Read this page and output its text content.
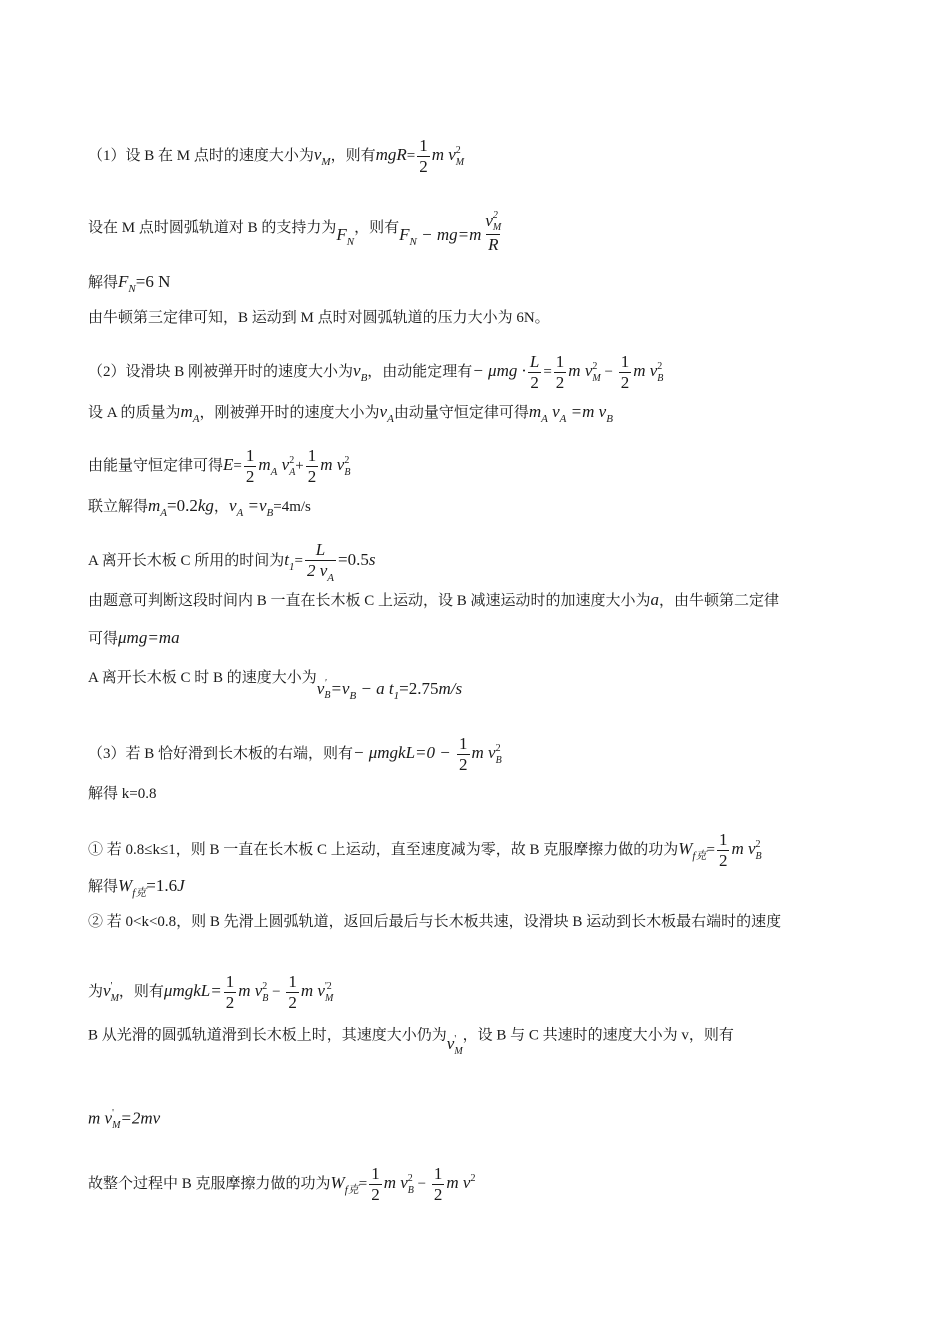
（1）设 B 在 M 点时的速度大小为$v_M$，则有$mgR= \frac{1}{2}$ m v 2
M
设在 M 点时圆弧轨道对 B 的支持力为$F_N$，则有$F_N - mg=m$ v 2
M
R
解得$F_N=6$ N
由牛顿第三定律可知，B 运动到 M 点时对圆弧轨道的压力大小为 6N。
（2）设滑块 B 刚被弹开时的速度大小为$v_B$，由动能定理有− $\mu mg \cdot \frac{L}{2} = \frac{1}{2}$ m v 2
$M - \frac{1}{2}$ m v 2
B
设 A 的质量为$m_A$，刚被弹开时的速度大小为$v_A$由动量守恒定律可得$m_A$ $v_A =m$ $v_B$
由能量守恒定律可得$E= \frac{1}{2} m_A$ v 2
$A + \frac{1}{2}$ m v 2
B
联立解得$m_A=0.2kg$，$v_A =v_B=4m/s$
A 离开长木板 C 所用的时间为$t_1= \frac{L}{2 v_A} =0.5s$
由题意可判断这段时间内 B 一直在长木板 C 上运动，设 B 减速运动时的加速度大小为a，由牛顿第二定律
可得μmg=ma
A 离开长木板 C 时 B 的速度大小为v '
$B =v_B - a$ $t_1=2.75m/s$
（3）若 B 恰好滑到长木板的右端，则有− μmgkL=0 − $\frac{1}{2}$ m v 2
B
解得 k=0.8
① 若 0.8≤k≤1，则 B 一直在长木板 C 上运动，直至速度减为零，故 B 克服摩擦力做的功为$W_{f克}= \frac{1}{2}$ m v 2
B
解得$W_{f克}=1.6J$
② 若 0<k<0.8，则 B 先滑上圆弧轨道，返回后最后与长木板共速，设滑块 B 运动到长木板最右端时的速度
为v '
M ，则有μmgkL= $\frac{1}{2}$ m v 2
$B - \frac{1}{2}$ m v '2
M
B 从光滑的圆弧轨道滑到长木板上时，其速度大小仍为v '
M
，设 B 与 C 共速时的速度大小为 v，则有
m v '
M =2mv
故整个过程中 B 克服摩擦力做的功为$W_{f克}= \frac{1}{2}$ m v 2
$B - \frac{1}{2}$ m $v^2$
